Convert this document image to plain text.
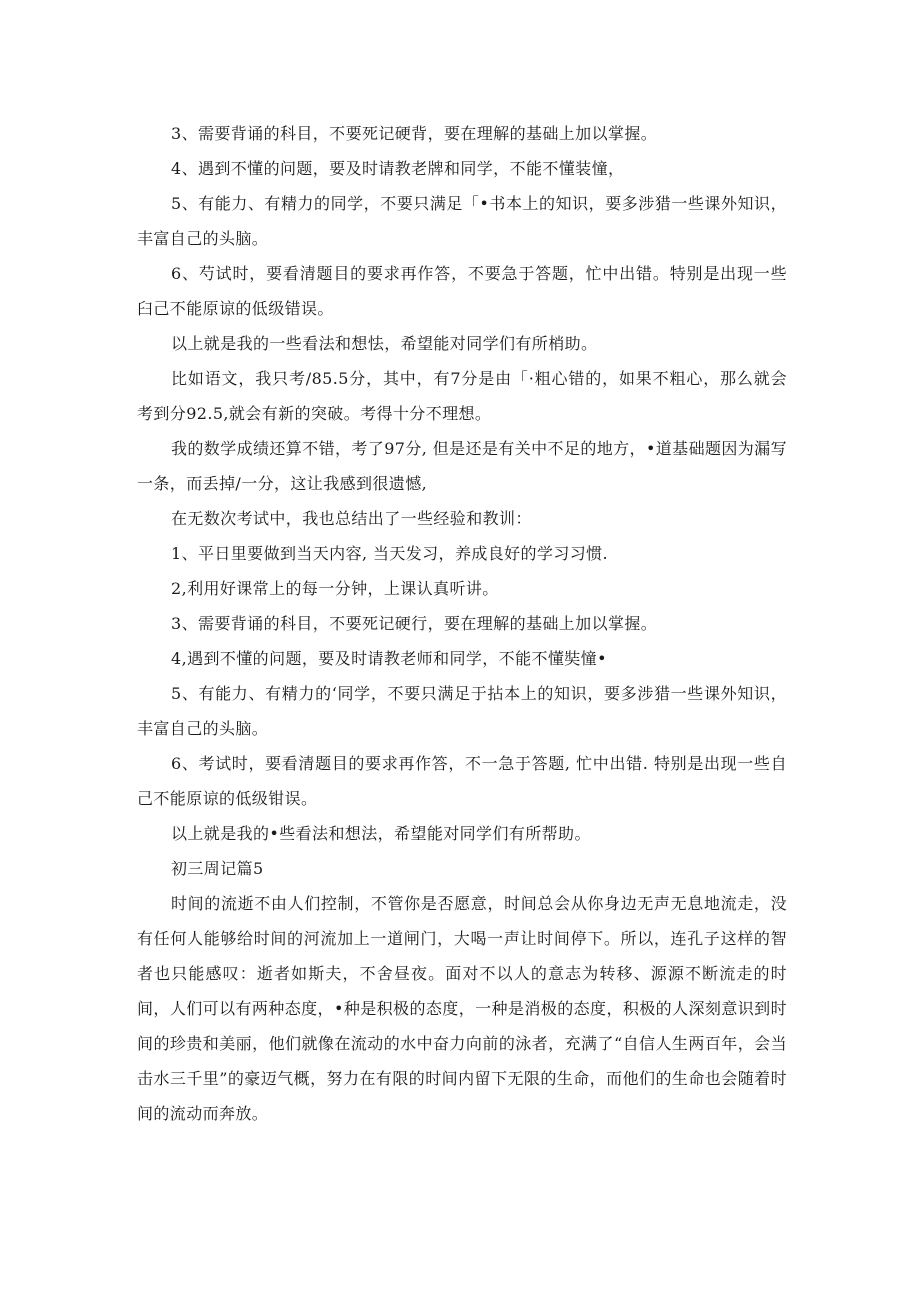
3、需要背诵的科目，不要死记硬背，要在理解的基础上加以掌握。

4、遇到不懂的问题，要及时请教老牌和同学，不能不懂装憧，

5、有能力、有精力的同学，不要只满足「•书本上的知识，要多涉猎一些课外知识，丰富自己的头脑。

6、芍试时，要看清题目的要求再作答，不要急于答题，忙中出错。特别是出现一些臼己不能原谅的低级错误。

以上就是我的一些看法和想怯，希望能对同学们有所梢助。

比如语文，我只考/85.5分，其中，有7分是由「·粗心错的，如果不粗心，那么就会考到分92.5,就会有新的突破。考得十分不理想。

我的数学成绩还算不错，考了97分, 但是还是有关中不足的地方，•道基础题因为漏写一条，而丢掉/一分，这让我感到很遗憾,

在无数次考试中，我也总结出了一些经验和教训：

1、平日里要做到当天内容, 当天发习，养成良好的学习习惯.

2,利用好课常上的每一分钟，上课认真听讲。

3、需要背诵的科目，不要死记硬行，要在理解的基础上加以掌握。

4,遇到不懂的问题，要及时请教老师和同学，不能不懂奘憧•

5、有能力、有精力的‘同学，不要只满足于拈本上的知识，要多涉猎一些课外知识，丰富自己的头脑。

6、考试时，要看清题目的要求再作答，不一急于答题, 忙中出错. 特别是出现一些自己不能原谅的低级钳误。

以上就是我的•些看法和想法，希望能对同学们有所帮助。

初三周记篇5

时间的流逝不由人们控制，不管你是否愿意，时间总会从你身边无声无息地流走，没有任何人能够给时间的河流加上一道闸门，大喝一声让时间停下。所以，连孔子这样的智者也只能感叹：逝者如斯夫，不舍昼夜。面对不以人的意志为转移、源源不断流走的时间，人们可以有两种态度，•种是积极的态度，一种是消极的态度，积极的人深刻意识到时间的珍贵和美丽，他们就像在流动的水中奋力向前的泳者，充满了“自信人生两百年，会当击水三千里”的豪迈气概，努力在有限的时间内留下无限的生命，而他们的生命也会随着时间的流动而奔放。
